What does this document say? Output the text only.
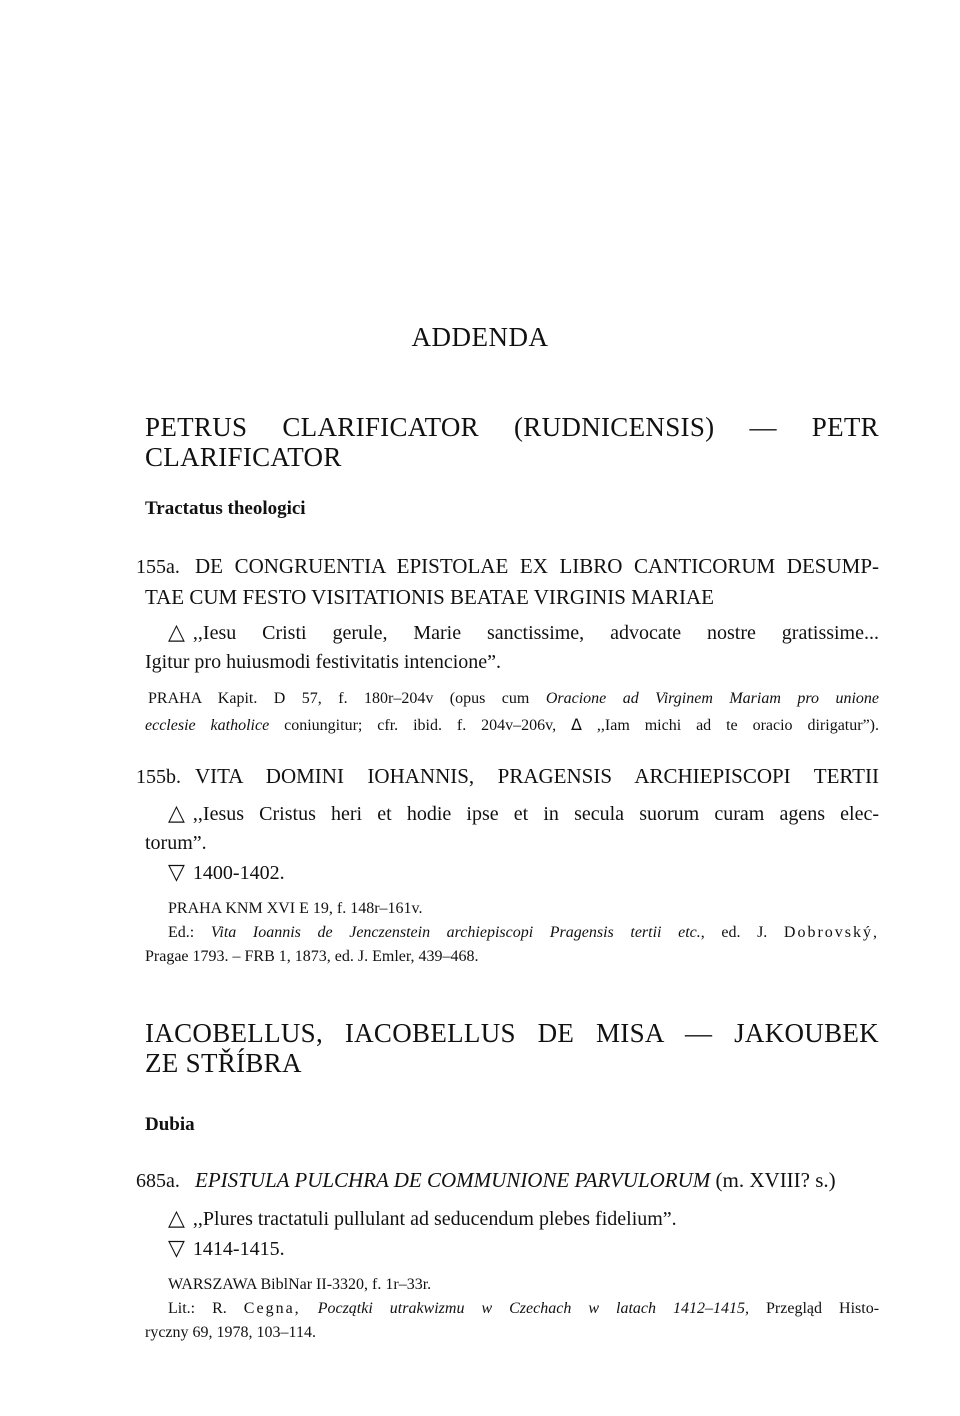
ADDENDA
PETRUS CLARIFICATOR (RUDNICENSIS) — PETR
CLARIFICATOR
Tractatus theologici
155a. DE CONGRUENTIA EPISTOLAE EX LIBRO CANTICORUM DESUMP-
TAE CUM FESTO VISITATIONIS BEATAE VIRGINIS MARIAE
△ ,,Iesu Cristi gerule, Marie sanctissime, advocate nostre gratissime...
Igitur pro huiusmodi festivitatis intencione”.
PRAHA Kapit. D 57, f. 180r–204v (opus cum Oracione ad Virginem Mariam pro unione
ecclesie katholice coniungitur; cfr. ibid. f. 204v–206v, Δ ,,Iam michi ad te oracio dirigatur”).
155b. VITA DOMINI IOHANNIS, PRAGENSIS ARCHIEPISCOPI TERTII
△ ,,Iesus Cristus heri et hodie ipse et in secula suorum curam agens elec-
torum”.
▽ 1400-1402.
PRAHA KNM XVI E 19, f. 148r–161v.
Ed.: Vita Ioannis de Jenczenstein archiepiscopi Pragensis tertii etc., ed. J. Dobrovský,
Pragae 1793. – FRB 1, 1873, ed. J. Emler, 439–468.
IACOBELLUS, IACOBELLUS DE MISA — JAKOUBEK
ZE STŘÍBRA
Dubia
685a. EPISTULA PULCHRA DE COMMUNIONE PARVULORUM (m. XVIII? s.)
△ ,,Plures tractatuli pullulant ad seducendum plebes fidelium”.
▽ 1414-1415.
WARSZAWA BiblNar II-3320, f. 1r–33r.
Lit.: R. Cegna, Początki utrakwizmu w Czechach w latach 1412–1415, Przegląd Histo-
ryczny 69, 1978, 103–114.
